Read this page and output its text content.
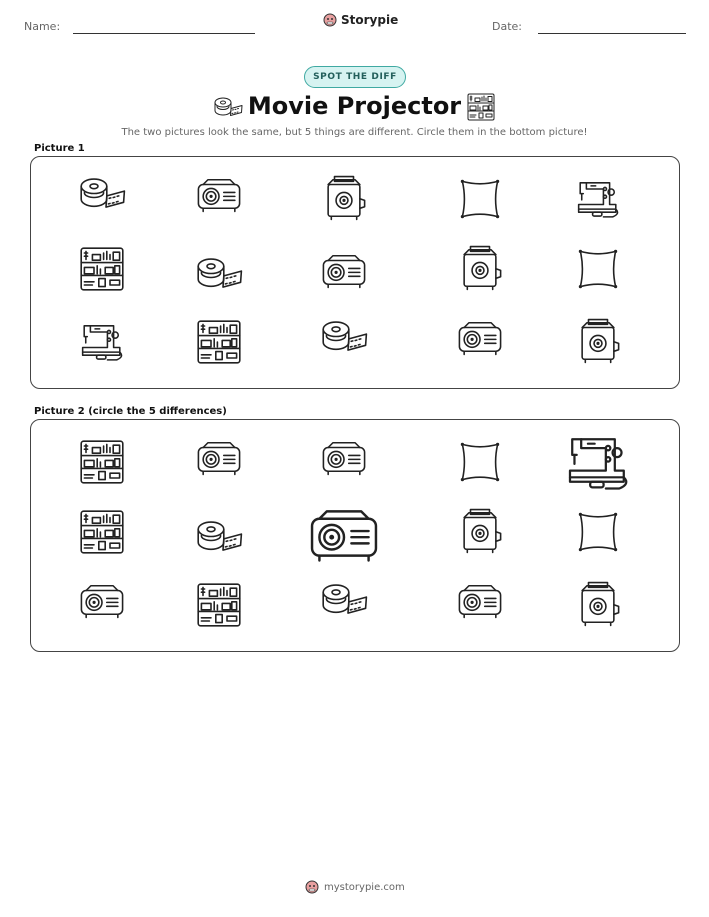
Name:	Storypie	Date:
SPOT THE DIFF
Movie Projector
The two pictures look the same, but 5 things are different. Circle them in the bottom picture!
Picture 1
Picture 2 (circle the 5 differences)
mystorypie.com
